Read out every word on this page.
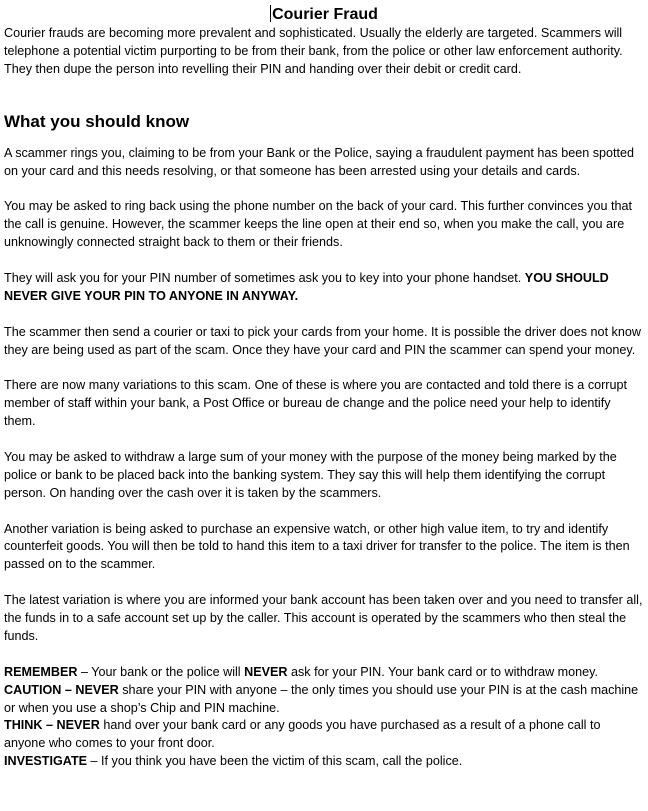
Courier Fraud

Courier frauds are becoming more prevalent and sophisticated. Usually the elderly are targeted. Scammers will telephone a potential victim purporting to be from their bank, from the police or other law enforcement authority. They then dupe the person into revelling their PIN and handing over their debit or credit card.

What you should know

A scammer rings you, claiming to be from your Bank or the Police, saying a fraudulent payment has been spotted on your card and this needs resolving, or that someone has been arrested using your details and cards.

You may be asked to ring back using the phone number on the back of your card. This further convinces you that the call is genuine. However, the scammer keeps the line open at their end so, when you make the call, you are unknowingly connected straight back to them or their friends.

They will ask you for your PIN number of sometimes ask you to key into your phone handset. YOU SHOULD NEVER GIVE YOUR PIN TO ANYONE IN ANYWAY.

The scammer then send a courier or taxi to pick your cards from your home. It is possible the driver does not know they are being used as part of the scam. Once they have your card and PIN the scammer can spend your money.

There are now many variations to this scam. One of these is where you are contacted and told there is a corrupt member of staff within your bank, a Post Office or bureau de change and the police need your help to identify them.

You may be asked to withdraw a large sum of your money with the purpose of the money being marked by the police or bank to be placed back into the banking system. They say this will help them identifying the corrupt person. On handing over the cash over it is taken by the scammers.

Another variation is being asked to purchase an expensive watch, or other high value item, to try and identify counterfeit goods. You will then be told to hand this item to a taxi driver for transfer to the police. The item is then passed on to the scammer.

The latest variation is where you are informed your bank account has been taken over and you need to transfer all, the funds in to a safe account set up by the caller. This account is operated by the scammers who then steal the funds.

REMEMBER – Your bank or the police will NEVER ask for your PIN. Your bank card or to withdraw money.

CAUTION – NEVER share your PIN with anyone – the only times you should use your PIN is at the cash machine or when you use a shop’s Chip and PIN machine.

THINK – NEVER hand over your bank card or any goods you have purchased as a result of a phone call to anyone who comes to your front door.

INVESTIGATE – If you think you have been the victim of this scam, call the police.
